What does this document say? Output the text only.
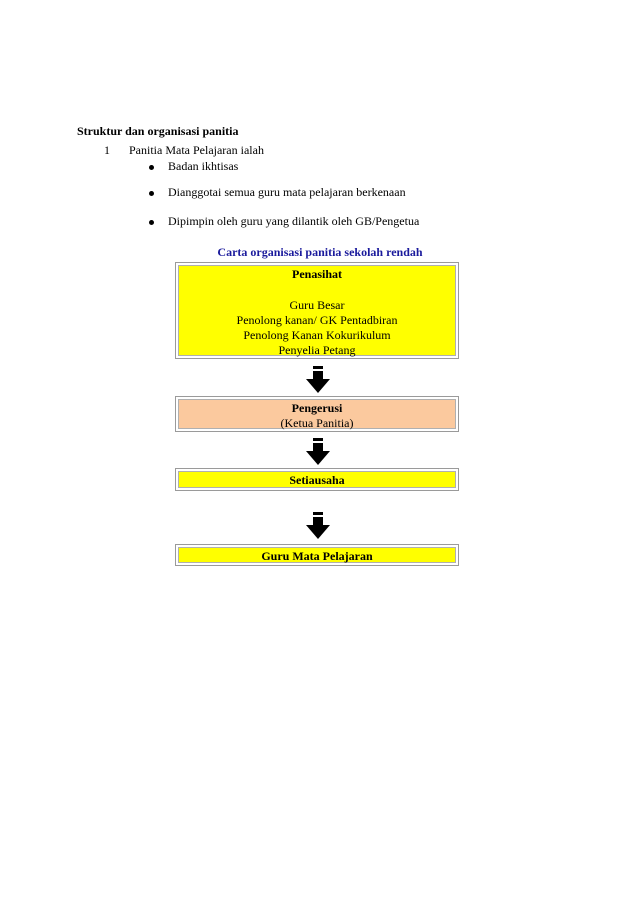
Struktur dan organisasi panitia
1 Panitia Mata Pelajaran ialah
Badan ikhtisas
Dianggotai semua guru mata pelajaran berkenaan
Dipimpin oleh guru yang dilantik oleh GB/Pengetua
Carta organisasi panitia sekolah rendah
Penasihat
Guru Besar
Penolong kanan/ GK Pentadbiran
Penolong Kanan Kokurikulum
Penyelia Petang
Pengerusi
(Ketua Panitia)
Setiausaha
Guru Mata Pelajaran
